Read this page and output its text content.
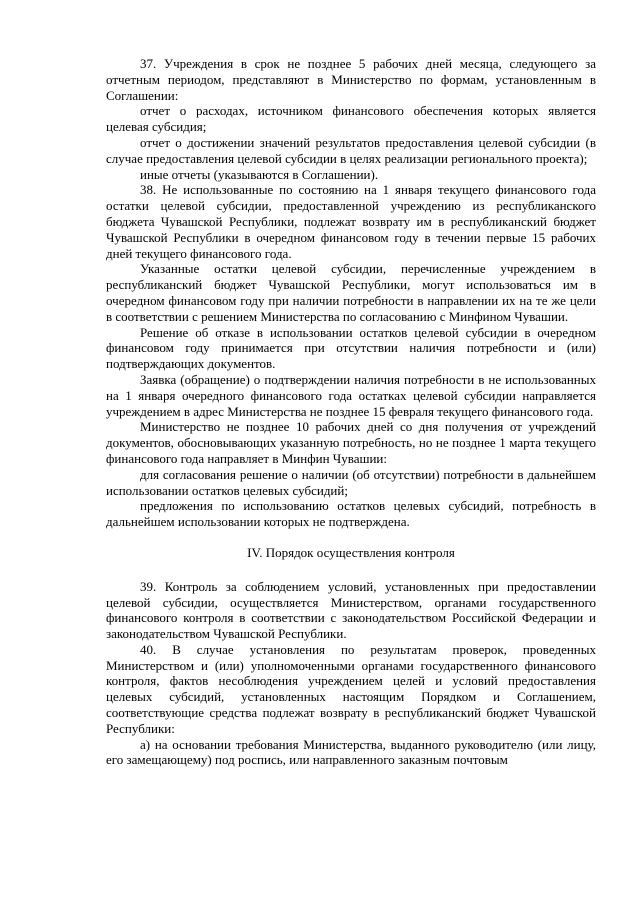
37. Учреждения в срок не позднее 5 рабочих дней месяца, следующего за отчетным периодом, представляют в Министерство по формам, установленным в Соглашении:

отчет о расходах, источником финансового обеспечения которых является целевая субсидия;

отчет о достижении значений результатов предоставления целевой субсидии (в случае предоставления целевой субсидии в целях реализации регионального проекта);

иные отчеты (указываются в Соглашении).

38. Не использованные по состоянию на 1 января текущего финансового года остатки целевой субсидии, предоставленной учреждению из республиканского бюджета Чувашской Республики, подлежат возврату им в республиканский бюджет Чувашской Республики в очередном финансовом году в течении первые 15 рабочих дней текущего финансового года.

Указанные остатки целевой субсидии, перечисленные учреждением в республиканский бюджет Чувашской Республики, могут использоваться им в очередном финансовом году при наличии потребности в направлении их на те же цели в соответствии с решением Министерства по согласованию с Минфином Чувашии.

Решение об отказе в использовании остатков целевой субсидии в очередном финансовом году принимается при отсутствии наличия потребности и (или) подтверждающих документов.

Заявка (обращение) о подтверждении наличия потребности в не использованных на 1 января очередного финансового года остатках целевой субсидии направляется учреждением в адрес Министерства не позднее 15 февраля текущего финансового года.

Министерство не позднее 10 рабочих дней со дня получения от учреждений документов, обосновывающих указанную потребность, но не позднее 1 марта текущего финансового года направляет в Минфин Чувашии:

для согласования решение о наличии (об отсутствии) потребности в дальнейшем использовании остатков целевых субсидий;

предложения по использованию остатков целевых субсидий, потребность в дальнейшем использовании которых не подтверждена.

IV. Порядок осуществления контроля

39. Контроль за соблюдением условий, установленных при предоставлении целевой субсидии, осуществляется Министерством, органами государственного финансового контроля в соответствии с законодательством Российской Федерации и законодательством Чувашской Республики.

40. В случае установления по результатам проверок, проведенных Министерством и (или) уполномоченными органами государственного финансового контроля, фактов несоблюдения учреждением целей и условий предоставления целевых субсидий, установленных настоящим Порядком и Соглашением, соответствующие средства подлежат возврату в республиканский бюджет Чувашской Республики:

а) на основании требования Министерства, выданного руководителю (или лицу, его замещающему) под роспись, или направленного заказным почтовым
